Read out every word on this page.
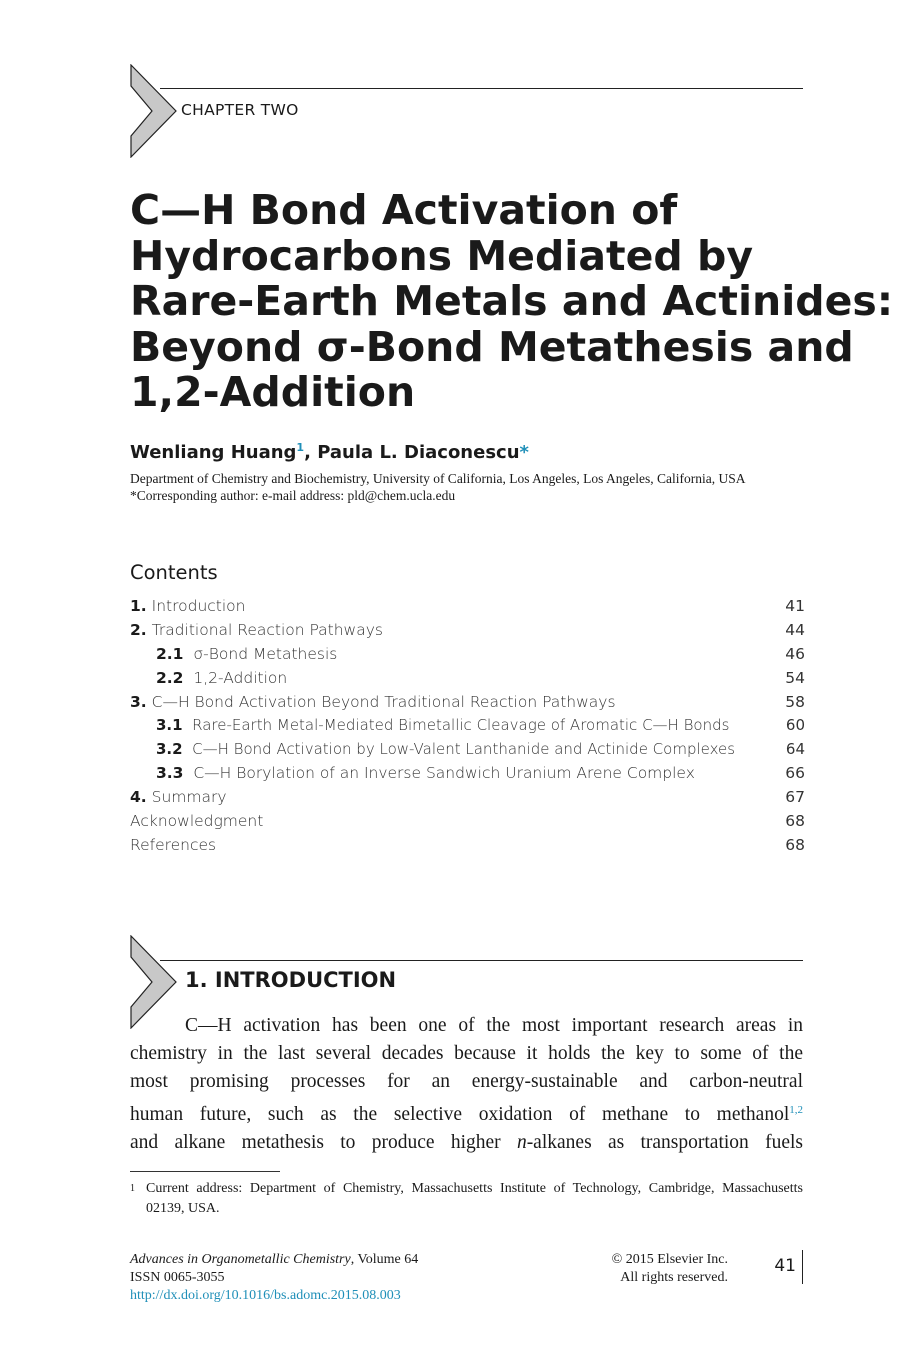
CHAPTER TWO
C—H Bond Activation of
Hydrocarbons Mediated by
Rare-Earth Metals and Actinides:
Beyond σ-Bond Metathesis and
1,2-Addition
Wenliang Huang$^1$, Paula L. Diaconescu*
Department of Chemistry and Biochemistry, University of California, Los Angeles, Los Angeles, California, USA
*Corresponding author: e-mail address: pld@chem.ucla.edu
Contents
1. Introduction	41
2. Traditional Reaction Pathways	44
2.1 σ-Bond Metathesis	46
2.2 1,2-Addition	54
3. C—H Bond Activation Beyond Traditional Reaction Pathways	58
3.1 Rare-Earth Metal-Mediated Bimetallic Cleavage of Aromatic C—H Bonds	60
3.2 C—H Bond Activation by Low-Valent Lanthanide and Actinide Complexes	64
3.3 C—H Borylation of an Inverse Sandwich Uranium Arene Complex	66
4. Summary	67
Acknowledgment	68
References	68
1. INTRODUCTION

C—H activation has been one of the most important research areas in
chemistry in the last several decades because it holds the key to some of the
most promising processes for an energy-sustainable and carbon-neutral
human future, such as the selective oxidation of methane to methanol$^{1,2}$
and alkane metathesis to produce higher n-alkanes as transportation fuels

1 Current address: Department of Chemistry, Massachusetts Institute of Technology, Cambridge, Massachusetts 02139, USA.
Advances in Organometallic Chemistry, Volume 64
ISSN 0065-3055
http://dx.doi.org/10.1016/bs.adomc.2015.08.003
© 2015 Elsevier Inc.
All rights reserved.
41
